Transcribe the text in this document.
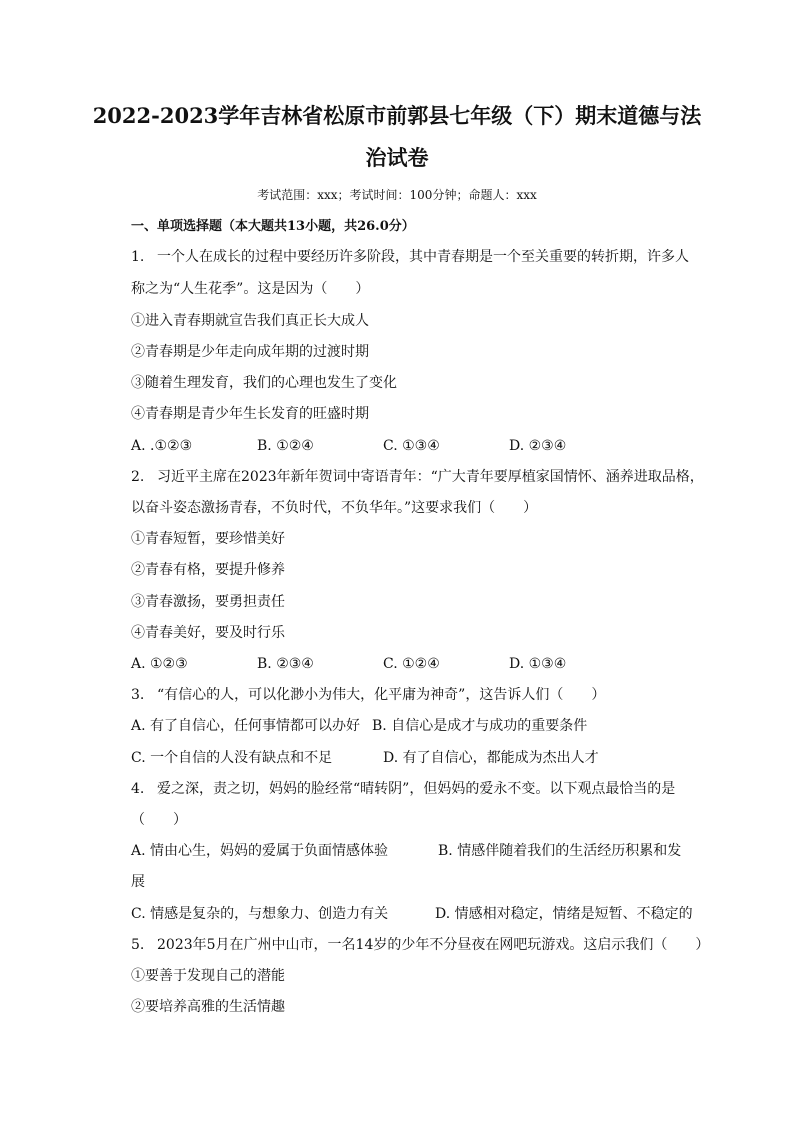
2022-2023学年吉林省松原市前郭县七年级（下）期末道德与法
治试卷
考试范围：xxx；考试时间：100分钟；命题人：xxx
一、单项选择题（本大题共13小题，共26.0分）
1. 一个人在成长的过程中要经历许多阶段，其中青春期是一个至关重要的转折期，许多人
称之为“人生花季”。这是因为（　　）
①进入青春期就宣告我们真正长大成人
②青春期是少年走向成年期的过渡时期
③随着生理发育，我们的心理也发生了变化
④青春期是青少年生长发育的旺盛时期
A. .①②③	B. ①②④	C. ①③④	D. ②③④
2. 习近平主席在2023年新年贺词中寄语青年：“广大青年要厚植家国情怀、涵养进取品格，
以奋斗姿态激扬青春，不负时代，不负华年。”这要求我们（　　）
①青春短暂，要珍惜美好
②青春有格，要提升修养
③青春激扬，要勇担责任
④青春美好，要及时行乐
A. ①②③	B. ②③④	C. ①②④	D. ①③④
3. “有信心的人，可以化渺小为伟大，化平庸为神奇”，这告诉人们（　　）
A. 有了自信心，任何事情都可以办好 B. 自信心是成才与成功的重要条件
C. 一个自信的人没有缺点和不足	D. 有了自信心，都能成为杰出人才
4. 爱之深，责之切，妈妈的脸经常“晴转阴”，但妈妈的爱永不变。以下观点最恰当的是
（　　）
A. 情由心生，妈妈的爱属于负面情感体验	B. 情感伴随着我们的生活经历积累和发
展
C. 情感是复杂的，与想象力、创造力有关	D. 情感相对稳定，情绪是短暂、不稳定的
5. 2023年5月在广州中山市，一名14岁的少年不分昼夜在网吧玩游戏。这启示我们（　　）
①要善于发现自己的潜能
②要培养高雅的生活情趣
